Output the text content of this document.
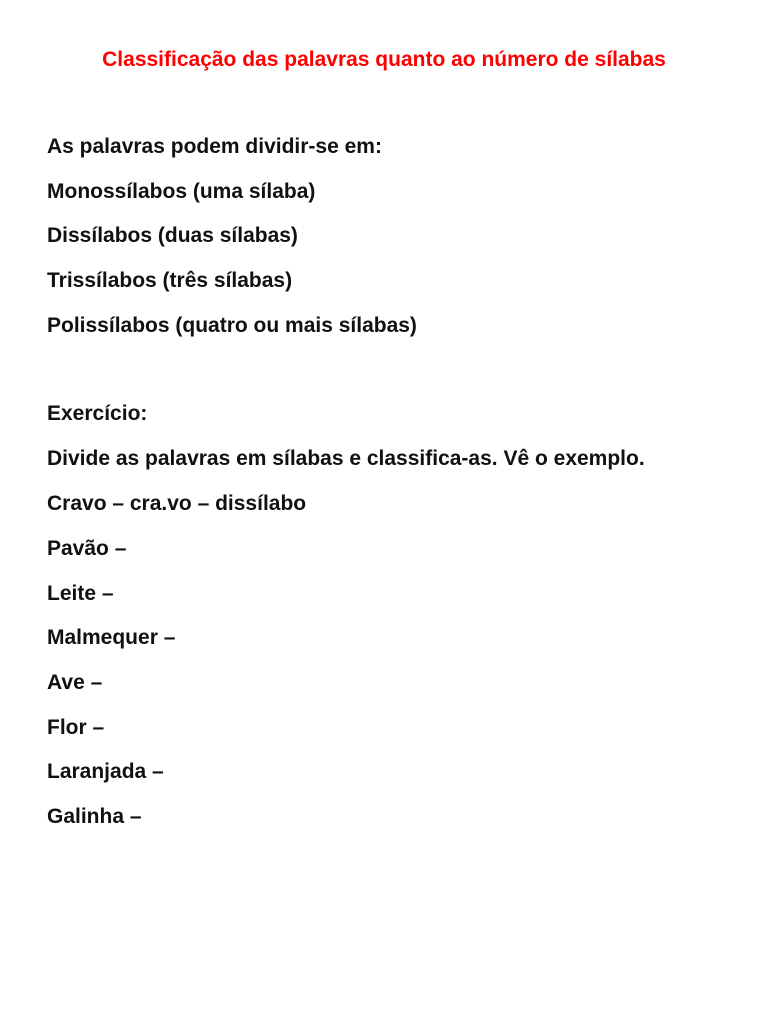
Classificação das palavras quanto ao número de sílabas
As palavras podem dividir-se em:
Monossílabos (uma sílaba)
Dissílabos (duas sílabas)
Trissílabos (três sílabas)
Polissílabos (quatro ou mais sílabas)
Exercício:
Divide as palavras em sílabas e classifica-as. Vê o exemplo.
Cravo – cra.vo – dissílabo
Pavão –
Leite –
Malmequer –
Ave –
Flor –
Laranjada –
Galinha –
